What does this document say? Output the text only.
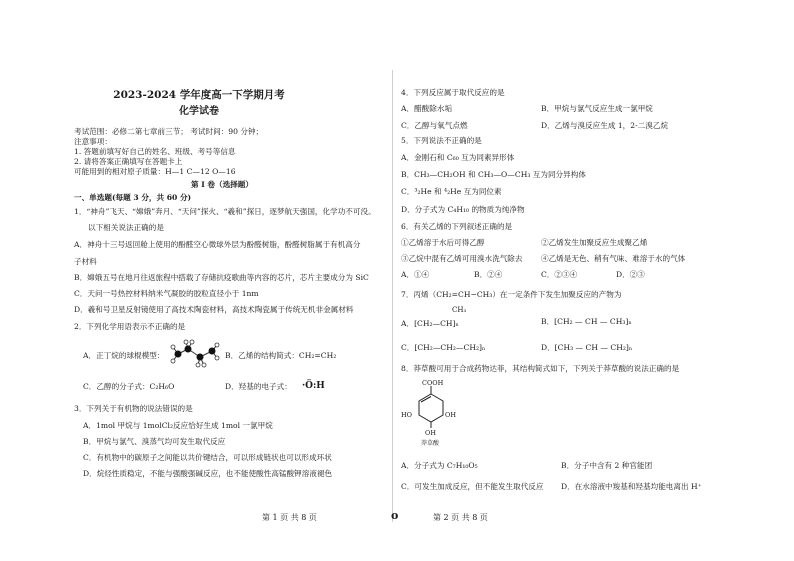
2023-2024 学年度高一下学期月考
化学试卷
考试范围：必修二第七章前三节； 考试时间：90 分钟；
注意事项：
1. 答题前填写好自己的姓名、班级、考号等信息
2. 请将答案正确填写在答题卡上
可能用到的相对原子质量：H—1 C—12 O—16
第 I 卷（选择题）
一、单选题(每题 3 分，共 60 分)
1．“神舟”飞天、“嫦娥”奔月、“天问”探火、“羲和”探日，逐梦航天强国，化学功不可没。
以下相关说法正确的是
A．神舟十三号返回舱上使用的酚醛空心微球外层为酚醛树脂，酚醛树脂属于有机高分
子材料
B．嫦娥五号在地月往返旅程中搭载了存储抗疫歌曲等内容的芯片，芯片主要成分为 SiC
C．天问一号热控材料纳米气凝胶的胶粒直径小于 1nm
D．羲和号卫星反射镜使用了高技术陶瓷材料，高技术陶瓷属于传统无机非金属材料
2．下列化学用语表示不正确的是
A．正丁烷的球棍模型：	B．乙烯的结构简式：CH₂=CH₂
C．乙醇的分子式：C₂H₆O	D．羟基的电子式： ·Ö:H
3．下列关于有机物的说法错误的是
A．1mol 甲烷与 1molCl₂反应恰好生成 1mol 一氯甲烷
B．甲烷与氯气、溴蒸气均可发生取代反应
C．有机物中的碳原子之间能以共价键结合，可以形成链状也可以形成环状
D．烷烃性质稳定，不能与强酸强碱反应，也不能使酸性高锰酸钾溶液褪色
第 1 页 共 8 页	o
4．下列反应属于取代反应的是
A．醋酸除水垢	B．甲烷与氯气反应生成一氯甲烷
C．乙醇与氧气点燃	D．乙烯与溴反应生成 1，2-二溴乙烷
5．下列说法不正确的是
A．金刚石和 C₆₀ 互为同素异形体
B．CH₃—CH₂OH 和 CH₃—O—CH₃ 互为同分异构体
C．³₂He 和 ⁴₂He 互为同位素
D．分子式为 C₄H₁₀ 的物质为纯净物
6．有关乙烯的下列叙述正确的是
①乙烯溶于水后可得乙醇	②乙烯发生加聚反应生成聚乙烯
③乙烷中混有乙烯可用溴水洗气除去 ④乙烯是无色、稍有气味、难溶于水的气体
A．①④	B．②④	C．②③④	D．②③
7．丙烯（CH₂=CH−CH₃）在一定条件下发生加聚反应的产物为
CH₃
A．[CH₂—CH]ₙ	B．[CH₂ — CH — CH₃]ₙ
C．[CH₂—CH₂—CH₂]ₙ	D．[CH₃ — CH — CH₂]ₙ
8．莽草酸可用于合成药物达菲，其结构简式如下，下列关于莽草酸的说法正确的是
COOH
HO	OH
OH
莽草酸
A．分子式为 C₇H₁₀O₅	B．分子中含有 2 种官能团
C．可发生加成反应，但不能发生取代反应 D．在水溶液中羧基和羟基均能电离出 H⁺
第 2 页 共 8 页
